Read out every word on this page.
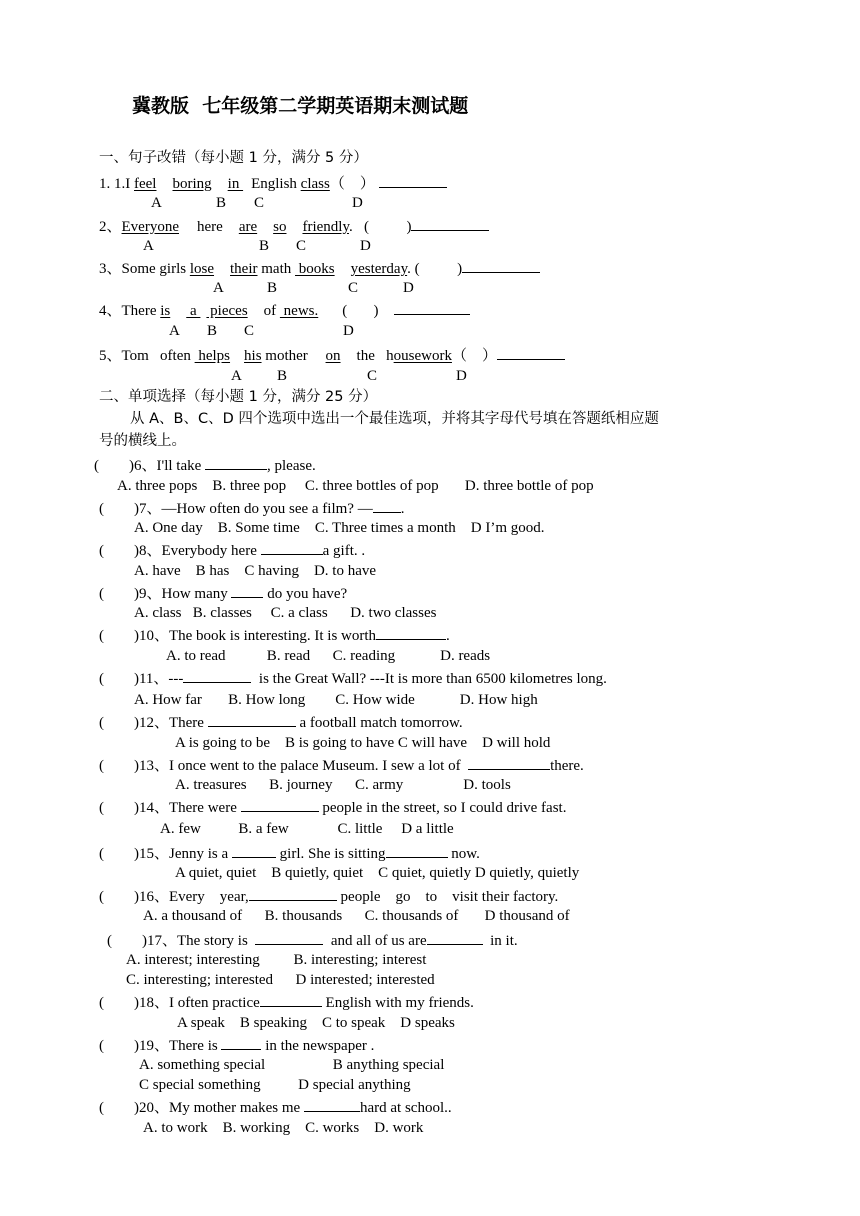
冀教版  七年级第二学期英语期末测试题
一、句子改错（每小题 1 分，满分 5 分）
1. 1.I feel boring in English class（    ）
A	B C	D
2、Everyone here are so friendly.   (          )
A	B C	D
3、Some girls lose their math  books yesterday. (          )
A	B	C	D
4、There is a  pieces of  news. (       )
A B C	D
5、Tom   often  helps his mother on the   housework（    ）
A B	C	D
二、单项选择（每小题 1 分，满分 25 分）
从 A、B、C、D 四个选项中选出一个最佳选项，并将其字母代号填在答题纸相应题
号的横线上。
(        )6、I'll take	, please.
A. three pops    B. three pop     C. three bottles of pop       D. three bottle of pop
(        )7、—How often do you see a film? — .
A. One day    B. Some time    C. Three times a month    D I’m good.
(        )8、Everybody here	a gift. .
A. have    B has    C having    D. to have
(        )9、How many  do you have?
A. class   B. classes     C. a class      D. two classes
(        )10、The book is interesting. It is worth	.
A. to read           B. read      C. reading            D. reads
(        )11、---	is the Great Wall? ---It is more than 6500 kilometres long.
A. How far       B. How long        C. How wide            D. How high
(        )12、There	a football match tomorrow.
A is going to be    B is going to have C will have    D will hold
(        )13、I once went to the palace Museum. I sew a lot of	there.
A. treasures      B. journey      C. army                D. tools
(        )14、There were	people in the street, so I could drive fast.
A. few          B. a few             C. little     D a little
(        )15、Jenny is a	girl. She is sitting	now.
A quiet, quiet    B quietly, quiet    C quiet, quietly D quietly, quietly
(        )16、Every    year,	people    go    to    visit their factory.
A. a thousand of      B. thousands      C. thousands of       D thousand of
(        )17、The story is	and all of us are	in it.
A. interest; interesting         B. interesting; interest
C. interesting; interested      D interested; interested
(        )18、I often practice	English with my friends.
A speak    B speaking    C to speak    D speaks
(        )19、There is	in the newspaper .
A. something special                  B anything special
C special something          D special anything
(        )20、My mother makes me	hard at school..
A. to work    B. working    C. works    D. work
